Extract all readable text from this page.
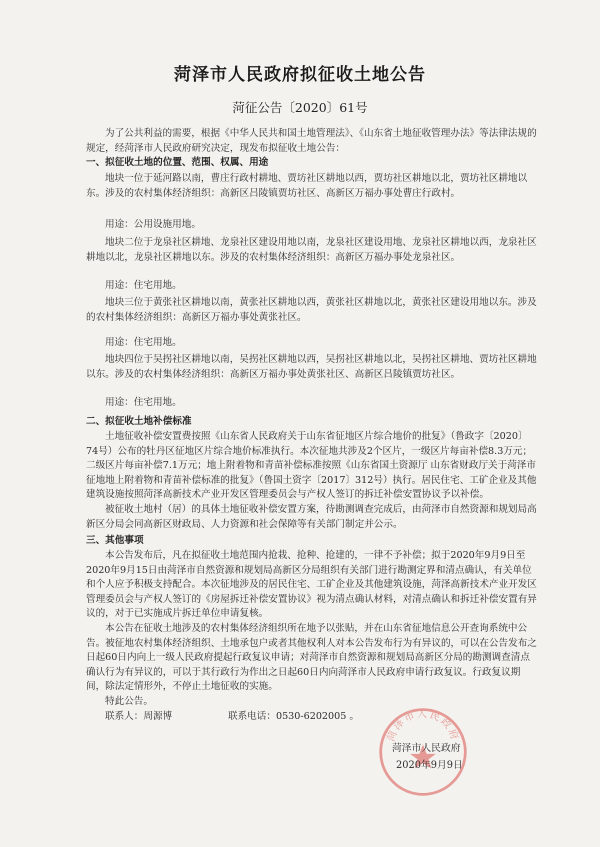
菏泽市人民政府拟征收土地公告
菏征公告〔2020〕61号

为了公共利益的需要，根据《中华人民共和国土地管理法》、《山东省土地征收管理办法》等法律法规的规定，经菏泽市人民政府研究决定，现发布拟征收土地公告：

一、拟征收土地的位置、范围、权属、用途

地块一位于延河路以南，曹庄行政村耕地、贾坊社区耕地以西，贾坊社区耕地以北，贾坊社区耕地以东。涉及的农村集体经济组织：高新区吕陵镇贾坊社区、高新区万福办事处曹庄行政村。

用途：公用设施用地。

地块二位于龙泉社区耕地、龙泉社区建设用地以南，龙泉社区建设用地、龙泉社区耕地以西，龙泉社区耕地以北，龙泉社区耕地以东。涉及的农村集体经济组织：高新区万福办事处龙泉社区。

用途：住宅用地。

地块三位于黄张社区耕地以南，黄张社区耕地以西，黄张社区耕地以北，黄张社区建设用地以东。涉及的农村集体经济组织：高新区万福办事处黄张社区。

用途：住宅用地。

地块四位于吴拐社区耕地以南，吴拐社区耕地以西，吴拐社区耕地以北，吴拐社区耕地、贾坊社区耕地以东。涉及的农村集体经济组织：高新区万福办事处黄张社区、高新区吕陵镇贾坊社区。

用途：住宅用地。

二、拟征收土地补偿标准

土地征收补偿安置费按照《山东省人民政府关于山东省征地区片综合地价的批复》（鲁政字〔2020〕74号）公布的牡丹区征地区片综合地价标准执行。本次征地共涉及2个区片，一级区片每亩补偿8.3万元；二级区片每亩补偿7.1万元；地上附着物和青苗补偿标准按照《山东省国土资源厅 山东省财政厅关于菏泽市征地地上附着物和青苗补偿标准的批复》（鲁国土资字〔2017〕312号）执行。居民住宅、工矿企业及其他建筑设施按照菏泽高新技术产业开发区管理委员会与产权人签订的拆迁补偿安置协议予以补偿。

被征收土地村（居）的具体土地征收补偿安置方案，待勘测调查完成后，由菏泽市自然资源和规划局高新区分局会同高新区财政局、人力资源和社会保障等有关部门制定并公示。

三、其他事项

本公告发布后，凡在拟征收土地范围内抢栽、抢种、抢建的，一律不予补偿；拟于2020年9月9日至2020年9月15日由菏泽市自然资源和规划局高新区分局组织有关部门进行勘测定界和清点确认，有关单位和个人应予积极支持配合。本次征地涉及的居民住宅、工矿企业及其他建筑设施，菏泽高新技术产业开发区管理委员会与产权人签订的《房屋拆迁补偿安置协议》视为清点确认材料，对清点确认和拆迁补偿安置有异议的，对于已实施成片拆迁单位申请复核。

本公告在征收土地涉及的农村集体经济组织所在地予以张贴，并在山东省征地信息公开查询系统中公告。被征地农村集体经济组织、土地承包户或者其他权利人对本公告发布行为有异议的，可以在公告发布之日起60日内向上一级人民政府提起行政复议申请；对菏泽市自然资源和规划局高新区分局的勘测调查清点确认行为有异议的，可以于其行政行为作出之日起60日内向菏泽市人民政府申请行政复议。行政复议期间，除法定情形外，不停止土地征收的实施。

特此公告。

联系人：周源博	联系电话：0530-6202005 。

菏泽市人民政府
菏泽市人民政府
2020年9月9日
